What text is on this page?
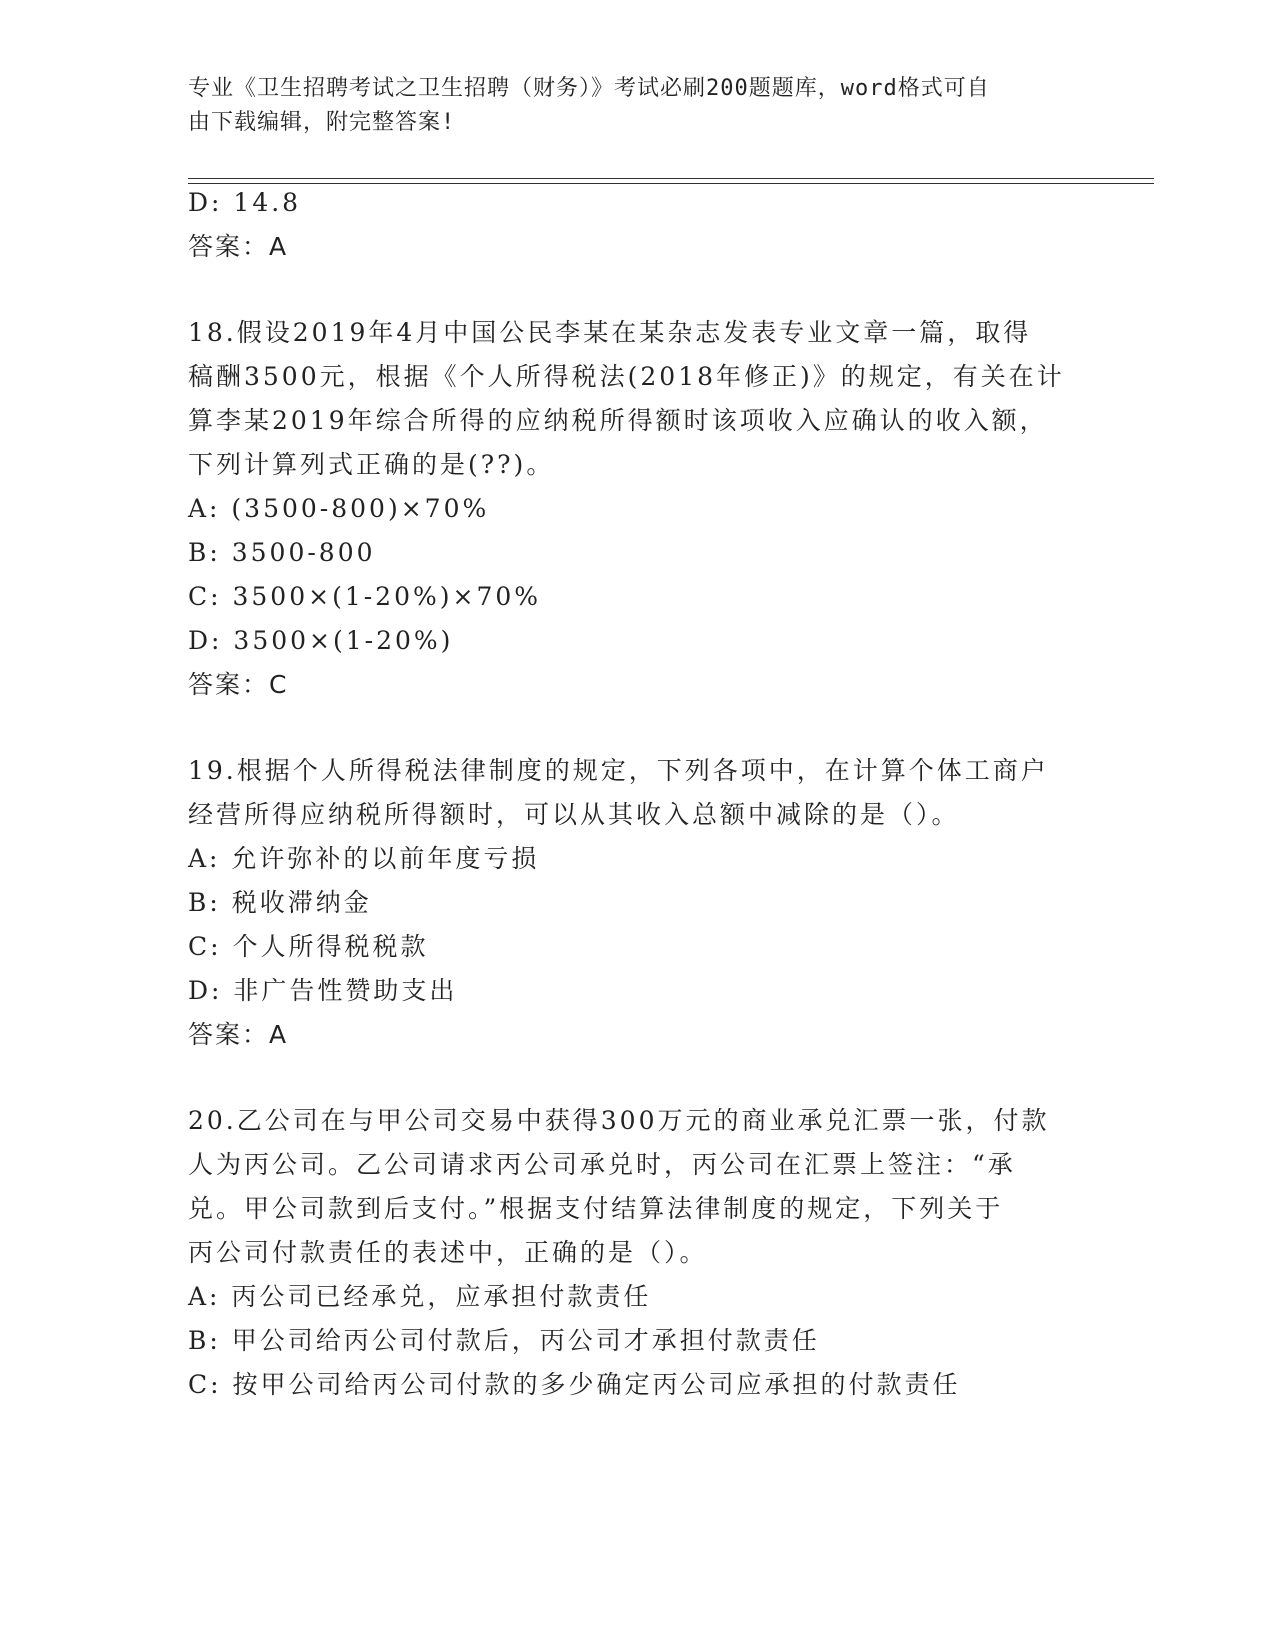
专业《卫生招聘考试之卫生招聘（财务）》考试必刷200题题库，word格式可自
由下载编辑，附完整答案!
D: 14.8
答案：A
18.假设2019年4月中国公民李某在某杂志发表专业文章一篇，取得
稿酬3500元，根据《个人所得税法(2018年修正)》的规定，有关在计
算李某2019年综合所得的应纳税所得额时该项收入应确认的收入额，
下列计算列式正确的是(??)。
A: (3500-800)×70%
B: 3500-800
C: 3500×(1-20%)×70%
D: 3500×(1-20%)
答案：C
19.根据个人所得税法律制度的规定，下列各项中，在计算个体工商户
经营所得应纳税所得额时，可以从其收入总额中减除的是（）。
A: 允许弥补的以前年度亏损
B: 税收滞纳金
C: 个人所得税税款
D: 非广告性赞助支出
答案：A
20.乙公司在与甲公司交易中获得300万元的商业承兑汇票一张，付款
人为丙公司。乙公司请求丙公司承兑时，丙公司在汇票上签注：“承
兑。甲公司款到后支付。”根据支付结算法律制度的规定，下列关于
丙公司付款责任的表述中，正确的是（）。
A: 丙公司已经承兑，应承担付款责任
B: 甲公司给丙公司付款后，丙公司才承担付款责任
C: 按甲公司给丙公司付款的多少确定丙公司应承担的付款责任
